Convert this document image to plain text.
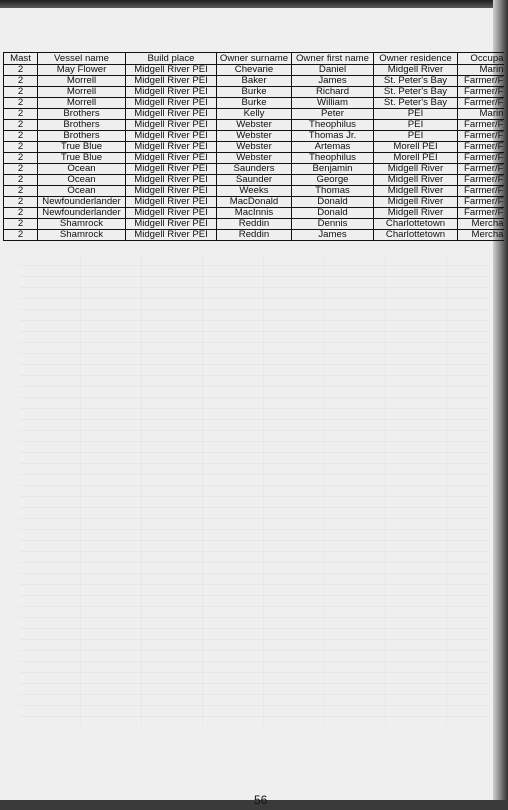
Mast	Vessel name	Build place	Owner surname	Owner first name	Owner residence	Occupa
2	May Flower	Midgell River PEI	Chevarie	Daniel	Midgell River	Marin
2	Morrell	Midgell River PEI	Baker	James	St. Peter's Bay	Farmer/F
2	Morrell	Midgell River PEI	Burke	Richard	St. Peter's Bay	Farmer/F
2	Morrell	Midgell River PEI	Burke	William	St. Peter's Bay	Farmer/F
2	Brothers	Midgell River PEI	Kelly	Peter	PEI	Marin
2	Brothers	Midgell River PEI	Webster	Theophilus	PEI	Farmer/F
2	Brothers	Midgell River PEI	Webster	Thomas Jr.	PEI	Farmer/F
2	True Blue	Midgell River PEI	Webster	Artemas	Morell PEI	Farmer/F
2	True Blue	Midgell River PEI	Webster	Theophilus	Morell PEI	Farmer/F
2	Ocean	Midgell River PEI	Saunders	Benjamin	Midgell River	Farmer/F
2	Ocean	Midgell River PEI	Saunder	George	Midgell River	Farmer/F
2	Ocean	Midgell River PEI	Weeks	Thomas	Midgell River	Farmer/F
2	Newfounderlander	Midgell River PEI	MacDonald	Donald	Midgell River	Farmer/F
2	Newfounderlander	Midgell River PEI	MacInnis	Donald	Midgell River	Farmer/F
2	Shamrock	Midgell River PEI	Reddin	Dennis	Charlottetown	Mercha
2	Shamrock	Midgell River PEI	Reddin	James	Charlottetown	Mercha
56
